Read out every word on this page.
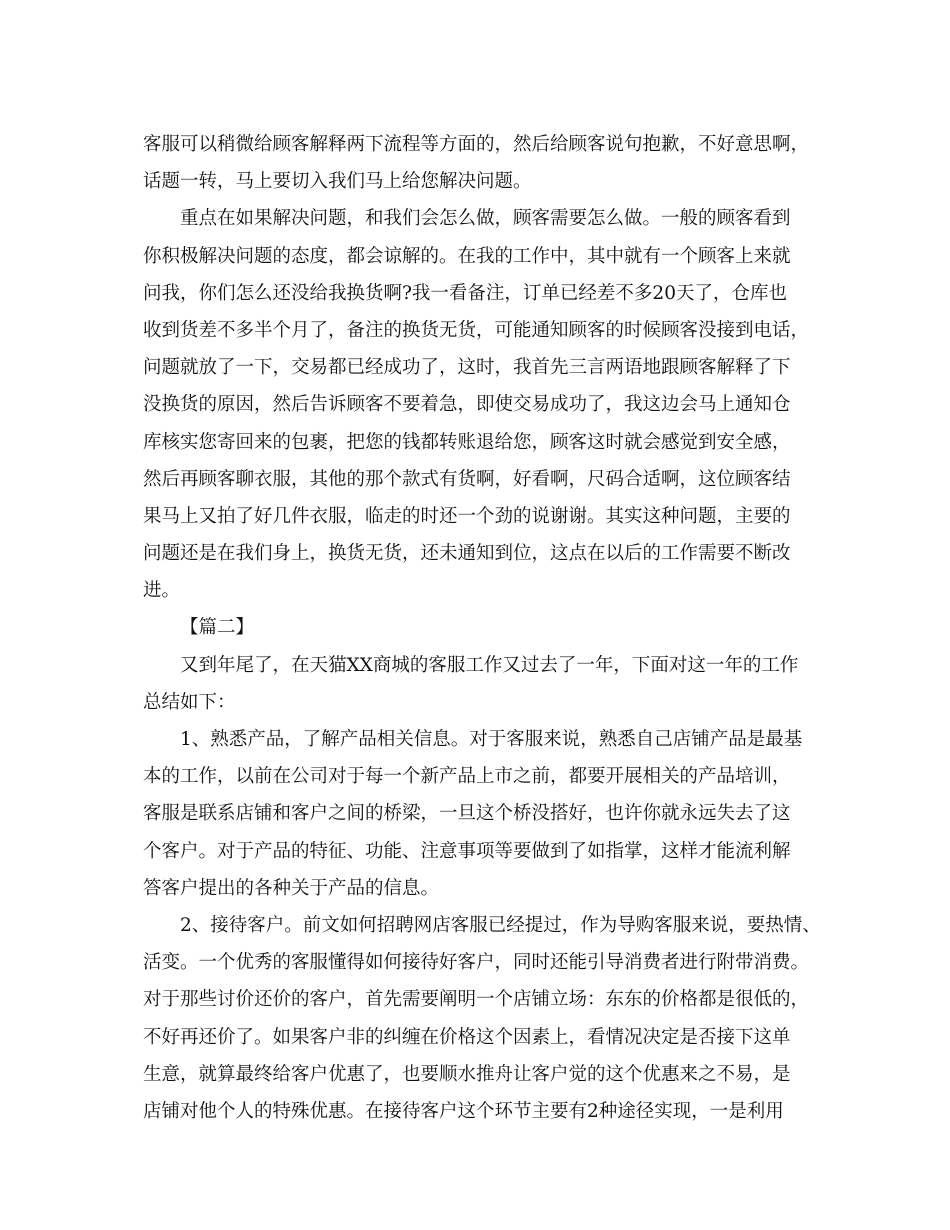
客服可以稍微给顾客解释两下流程等方面的，然后给顾客说句抱歉，不好意思啊，
话题一转，马上要切入我们马上给您解决问题。
重点在如果解决问题，和我们会怎么做，顾客需要怎么做。一般的顾客看到
你积极解决问题的态度，都会谅解的。在我的工作中，其中就有一个顾客上来就
问我，你们怎么还没给我换货啊?我一看备注，订单已经差不多20天了，仓库也
收到货差不多半个月了，备注的换货无货，可能通知顾客的时候顾客没接到电话，
问题就放了一下，交易都已经成功了，这时，我首先三言两语地跟顾客解释了下
没换货的原因，然后告诉顾客不要着急，即使交易成功了，我这边会马上通知仓
库核实您寄回来的包裹，把您的钱都转账退给您，顾客这时就会感觉到安全感，
然后再顾客聊衣服，其他的那个款式有货啊，好看啊，尺码合适啊，这位顾客结
果马上又拍了好几件衣服，临走的时还一个劲的说谢谢。其实这种问题，主要的
问题还是在我们身上，换货无货，还未通知到位，这点在以后的工作需要不断改
进。
【篇二】
又到年尾了，在天猫XX商城的客服工作又过去了一年，下面对这一年的工作
总结如下：
1、熟悉产品，了解产品相关信息。对于客服来说，熟悉自己店铺产品是最基
本的工作，以前在公司对于每一个新产品上市之前，都要开展相关的产品培训，
客服是联系店铺和客户之间的桥梁，一旦这个桥没搭好，也许你就永远失去了这
个客户。对于产品的特征、功能、注意事项等要做到了如指掌，这样才能流利解
答客户提出的各种关于产品的信息。
2、接待客户。前文如何招聘网店客服已经提过，作为导购客服来说，要热情、
活变。一个优秀的客服懂得如何接待好客户，同时还能引导消费者进行附带消费。
对于那些讨价还价的客户，首先需要阐明一个店铺立场：东东的价格都是很低的，
不好再还价了。如果客户非的纠缠在价格这个因素上，看情况决定是否接下这单
生意，就算最终给客户优惠了，也要顺水推舟让客户觉的这个优惠来之不易，是
店铺对他个人的特殊优惠。在接待客户这个环节主要有2种途径实现，一是利用
